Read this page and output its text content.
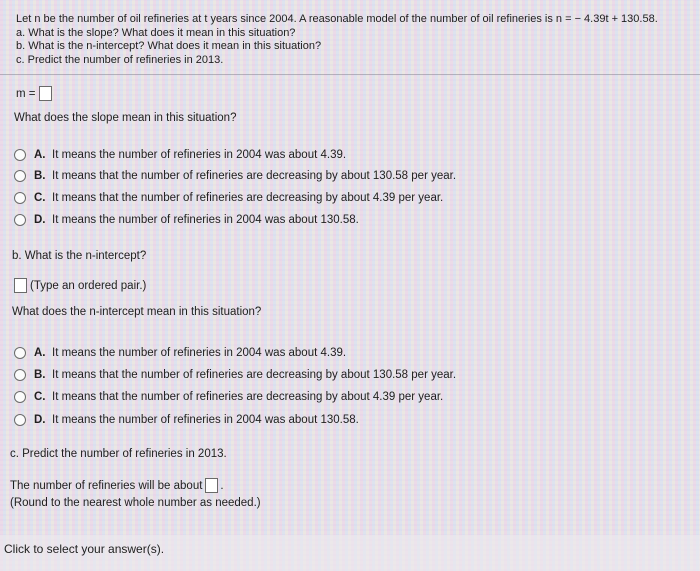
Let n be the number of oil refineries at t years since 2004. A reasonable model of the number of oil refineries is n = − 4.39t + 130.58.
a. What is the slope? What does it mean in this situation?
b. What is the n-intercept? What does it mean in this situation?
c. Predict the number of refineries in 2013.
m =
What does the slope mean in this situation?
A. It means the number of refineries in 2004 was about 4.39.
B. It means that the number of refineries are decreasing by about 130.58 per year.
C. It means that the number of refineries are decreasing by about 4.39 per year.
D. It means the number of refineries in 2004 was about 130.58.
b. What is the n-intercept?
(Type an ordered pair.)
What does the n-intercept mean in this situation?
A. It means the number of refineries in 2004 was about 4.39.
B. It means that the number of refineries are decreasing by about 130.58 per year.
C. It means that the number of refineries are decreasing by about 4.39 per year.
D. It means the number of refineries in 2004 was about 130.58.
c. Predict the number of refineries in 2013.
The number of refineries will be about .
(Round to the nearest whole number as needed.)
Click to select your answer(s).
